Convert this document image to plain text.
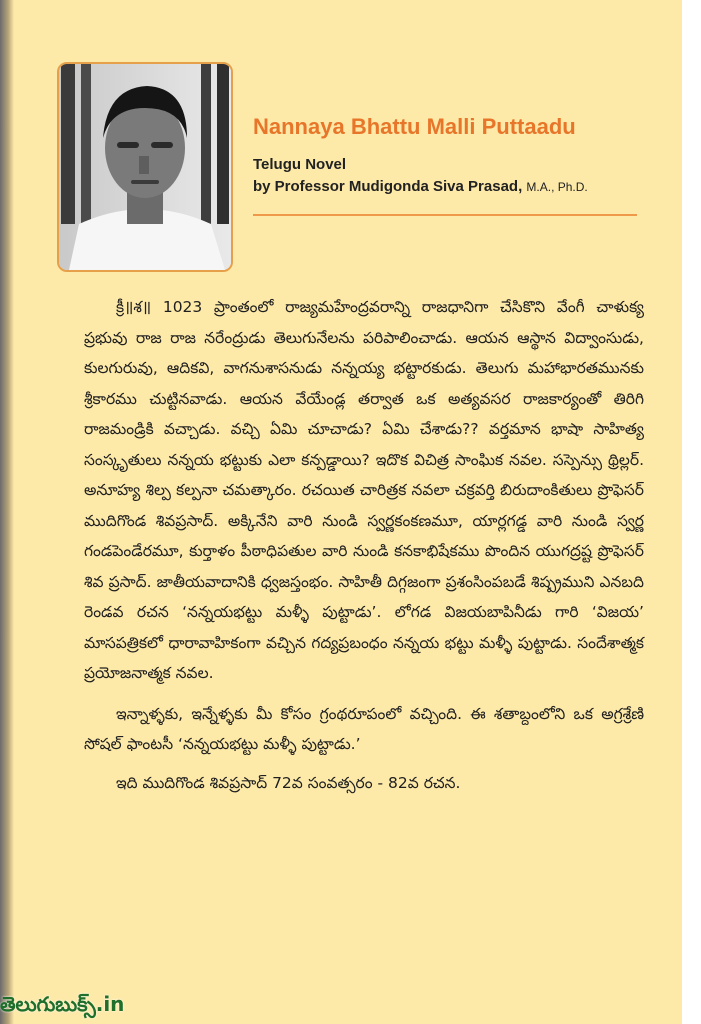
Nannaya Bhattu Malli Puttaadu
Telugu Novel
by Professor Mudigonda Siva Prasad, M.A., Ph.D.

క్రీ॥శ॥ 1023 ప్రాంతంలో రాజ్యమహేంద్రవరాన్ని రాజధానిగా చేసికొని వేంగీ చాళుక్య ప్రభువు రాజ రాజ నరేంద్రుడు తెలుగునేలను పరిపాలించాడు. ఆయన ఆస్థాన విద్వాంసుడు, కులగురువు, ఆదికవి, వాగనుశాసనుడు నన్నయ్య భట్టారకుడు. తెలుగు మహాభారతమునకు శ్రీకారము చుట్టినవాడు. ఆయన వేయేండ్ల తర్వాత ఒక అత్యవసర రాజకార్యంతో తిరిగి రాజమండ్రికి వచ్చాడు. వచ్చి ఏమి చూచాడు? ఏమి చేశాడు?? వర్తమాన భాషా సాహిత్య సంస్కృతులు నన్నయ భట్టుకు ఎలా కన్పడ్డాయి? ఇదొక విచిత్ర సాంఘిక నవల. సస్పెన్సు థ్రిల్లర్. అనూహ్య శిల్ప కల్పనా చమత్కారం. రచయిత చారిత్రక నవలా చక్రవర్తి బిరుదాంకితులు ప్రొఫెసర్ ముదిగొండ శివప్రసాద్. అక్కినేని వారి నుండి స్వర్ణకంకణమూ, యార్లగడ్డ వారి నుండి స్వర్ణ గండపెండేరమూ, కుర్తాళం పీఠాధిపతుల వారి నుండి కనకాభిషేకము పొందిన యుగద్రష్ట ప్రొఫెసర్ శివ ప్రసాద్. జాతీయవాదానికి ధ్వజస్తంభం. సాహితీ దిగ్గజంగా ప్రశంసింపబడే శిష్ప్రముని ఎనబది రెండవ రచన ‘నన్నయభట్టు మళ్ళీ పుట్టాడు’. లోగడ విజయబాపినీడు గారి ‘విజయ’ మాసపత్రికలో ధారావాహికంగా వచ్చిన గద్యప్రబంధం నన్నయ భట్టు మళ్ళీ పుట్టాడు. సందేశాత్మక ప్రయోజనాత్మక నవల.

ఇన్నాళ్ళకు, ఇన్నేళ్ళకు మీ కోసం గ్రంథరూపంలో వచ్చింది. ఈ శతాబ్దంలోని ఒక అగ్రశ్రేణి సోషల్ ఫాంటసీ ‘నన్నయభట్టు మళ్ళీ పుట్టాడు.’

ఇది ముదిగొండ శివప్రసాద్ 72వ సంవత్సరం - 82వ రచన.

తెలుగుబుక్స్.in
